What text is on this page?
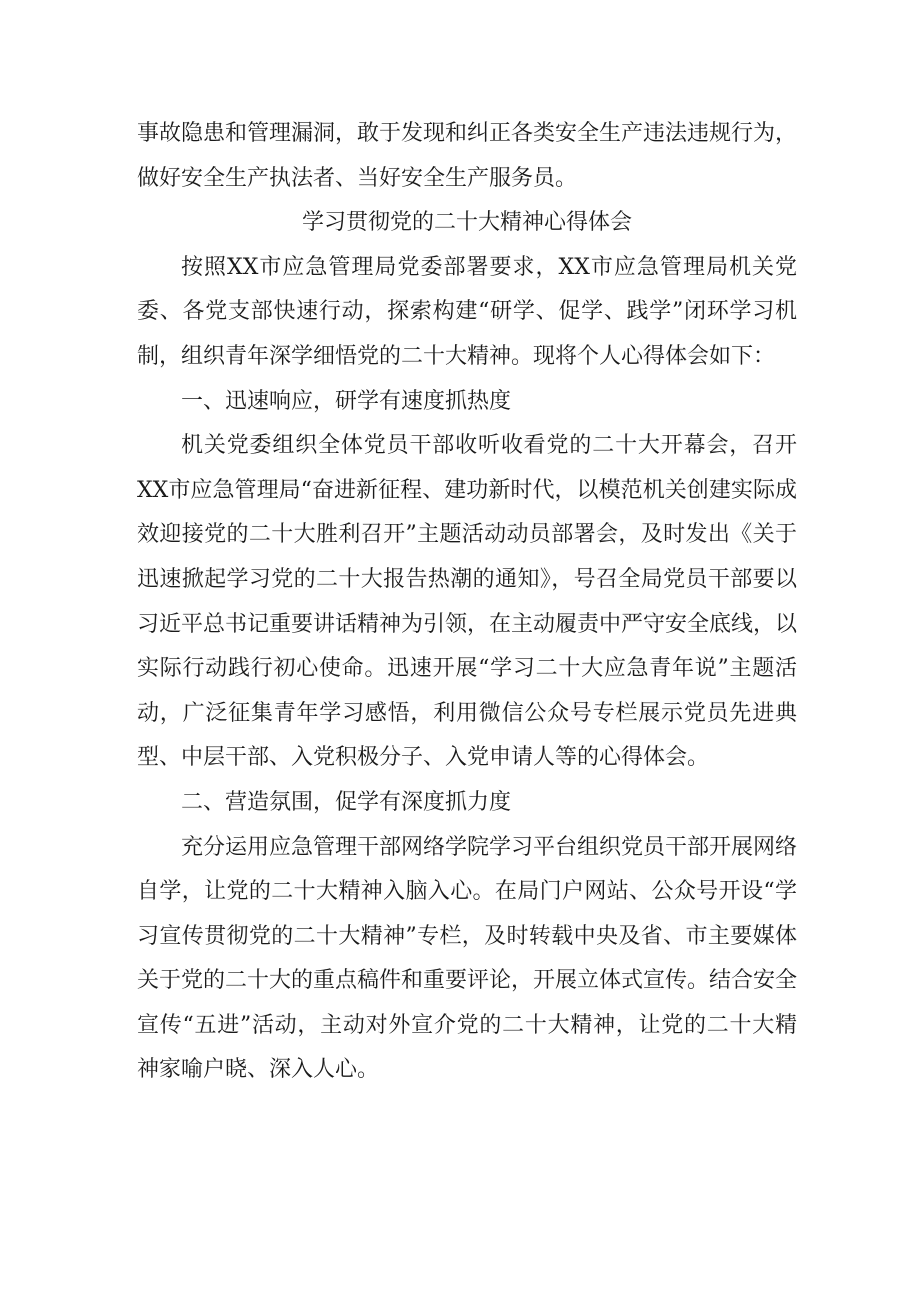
事故隐患和管理漏洞，敢于发现和纠正各类安全生产违法违规行为，做好安全生产执法者、当好安全生产服务员。

学习贯彻党的二十大精神心得体会

按照XX市应急管理局党委部署要求，XX市应急管理局机关党委、各党支部快速行动，探索构建“研学、促学、践学”闭环学习机制，组织青年深学细悟党的二十大精神。现将个人心得体会如下：

一、迅速响应，研学有速度抓热度

机关党委组织全体党员干部收听收看党的二十大开幕会，召开XX市应急管理局“奋进新征程、建功新时代，以模范机关创建实际成效迎接党的二十大胜利召开”主题活动动员部署会，及时发出《关于迅速掀起学习党的二十大报告热潮的通知》，号召全局党员干部要以习近平总书记重要讲话精神为引领，在主动履责中严守安全底线，以实际行动践行初心使命。迅速开展“学习二十大应急青年说”主题活动，广泛征集青年学习感悟，利用微信公众号专栏展示党员先进典型、中层干部、入党积极分子、入党申请人等的心得体会。

二、营造氛围，促学有深度抓力度

充分运用应急管理干部网络学院学习平台组织党员干部开展网络自学，让党的二十大精神入脑入心。在局门户网站、公众号开设“学习宣传贯彻党的二十大精神”专栏，及时转载中央及省、市主要媒体关于党的二十大的重点稿件和重要评论，开展立体式宣传。结合安全宣传“五进”活动，主动对外宣介党的二十大精神，让党的二十大精神家喻户晓、深入人心。
